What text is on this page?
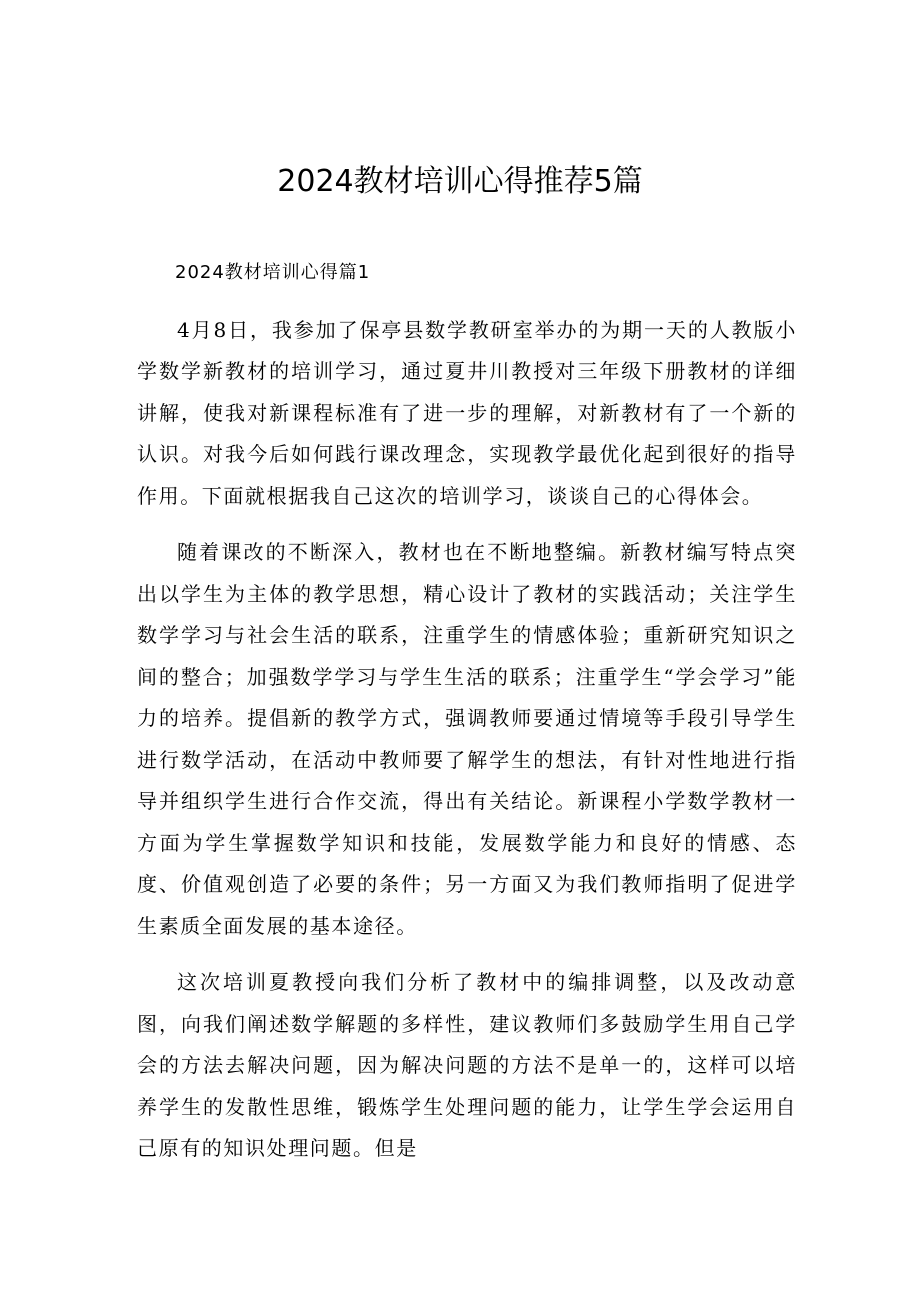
2024教材培训心得推荐5篇
2024教材培训心得篇1

4月8日，我参加了保亭县数学教研室举办的为期一天的人教版小学数学新教材的培训学习，通过夏井川教授对三年级下册教材的详细讲解，使我对新课程标准有了进一步的理解，对新教材有了一个新的认识。对我今后如何践行课改理念，实现教学最优化起到很好的指导作用。下面就根据我自己这次的培训学习，谈谈自己的心得体会。

随着课改的不断深入，教材也在不断地整编。新教材编写特点突出以学生为主体的教学思想，精心设计了教材的实践活动；关注学生数学学习与社会生活的联系，注重学生的情感体验；重新研究知识之间的整合；加强数学学习与学生生活的联系；注重学生“学会学习”能力的培养。提倡新的教学方式，强调教师要通过情境等手段引导学生进行数学活动，在活动中教师要了解学生的想法，有针对性地进行指导并组织学生进行合作交流，得出有关结论。新课程小学数学教材一方面为学生掌握数学知识和技能，发展数学能力和良好的情感、态度、价值观创造了必要的条件；另一方面又为我们教师指明了促进学生素质全面发展的基本途径。

这次培训夏教授向我们分析了教材中的编排调整，以及改动意图，向我们阐述数学解题的多样性，建议教师们多鼓励学生用自己学会的方法去解决问题，因为解决问题的方法不是单一的，这样可以培养学生的发散性思维，锻炼学生处理问题的能力，让学生学会运用自己原有的知识处理问题。但是
